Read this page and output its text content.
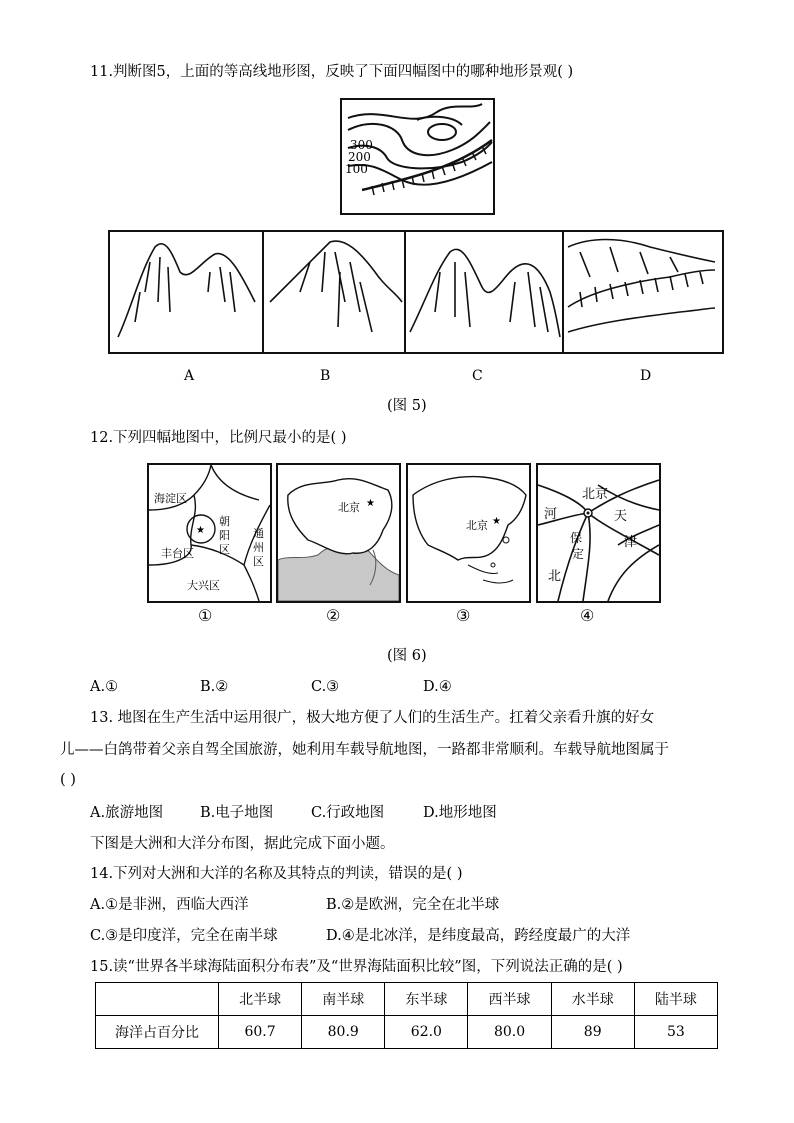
11.判断图5，上面的等高线地形图，反映了下面四幅图中的哪种地形景观( )
300
200
100
A	B	C	D
(图 5)
12.下列四幅地图中，比例尺最小的是( )
★
海淀区
朝
阳
区
通
州
区
丰台区
大兴区
北京 ★
北京 ★
北京
河	天
津
保
定
北
①	②	③	④
(图 6)
A.①	B.②	C.③	D.④
13. 地图在生产生活中运用很广，极大地方便了人们的生活生产。扛着父亲看升旗的好女
儿——白鸽带着父亲自驾全国旅游，她利用车载导航地图，一路都非常顺利。车载导航地图属于
( )
A.旅游地图	B.电子地图	C.行政地图	D.地形地图
下图是大洲和大洋分布图，据此完成下面小题。
14.下列对大洲和大洋的名称及其特点的判读，错误的是( )
A.①是非洲，西临大西洋	B.②是欧洲，完全在北半球
C.③是印度洋，完全在南半球	D.④是北冰洋，是纬度最高，跨经度最广的大洋
15.读“世界各半球海陆面积分布表”及“世界海陆面积比较”图，下列说法正确的是( )
	北半球	南半球	东半球	西半球	水半球	陆半球
海洋占百分比	60.7	80.9	62.0	80.0	89	53
